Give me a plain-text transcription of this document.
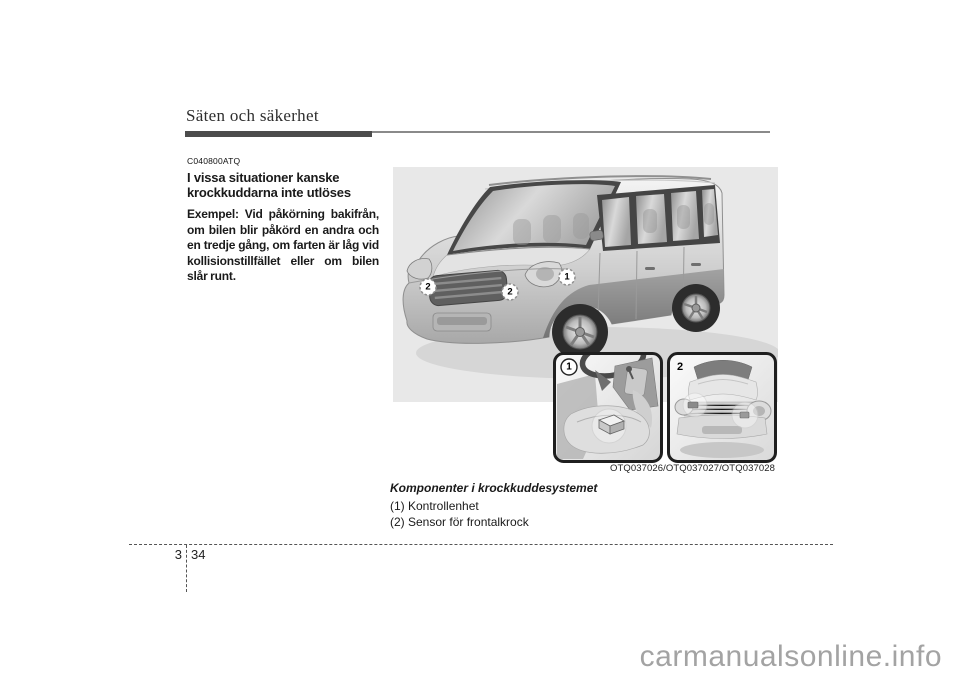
Säten och säkerhet

C040800ATQ

I vissa situationer kanske krockkuddarna inte utlöses

Exempel: Vid påkörning bakifrån, om bilen blir påkörd en andra och en tredje gång, om farten är låg vid kollisionstillfället eller om bilen slår runt.

2	2
1
1	2
OTQ037026/OTQ037027/OTQ037028

Komponenter i krockkuddesystemet

(1) Kontrollenhet

(2) Sensor för frontalkrock

3 34
carmanualsonline.info
